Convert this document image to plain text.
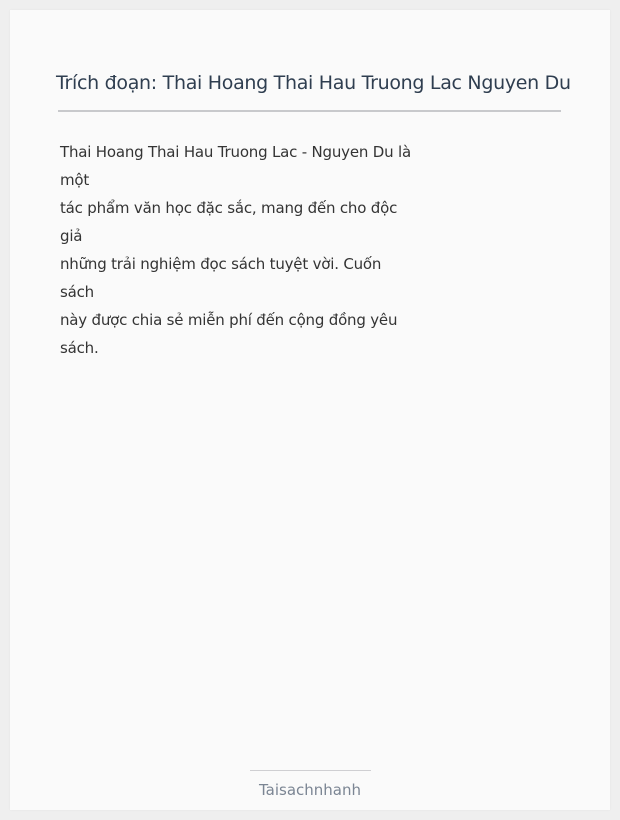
Trích đoạn: Thai Hoang Thai Hau Truong Lac Nguyen Du
Thai Hoang Thai Hau Truong Lac - Nguyen Du là
một
tác phẩm văn học đặc sắc, mang đến cho độc
giả
những trải nghiệm đọc sách tuyệt vời. Cuốn
sách
này được chia sẻ miễn phí đến cộng đồng yêu
sách.
Taisachnhanh
